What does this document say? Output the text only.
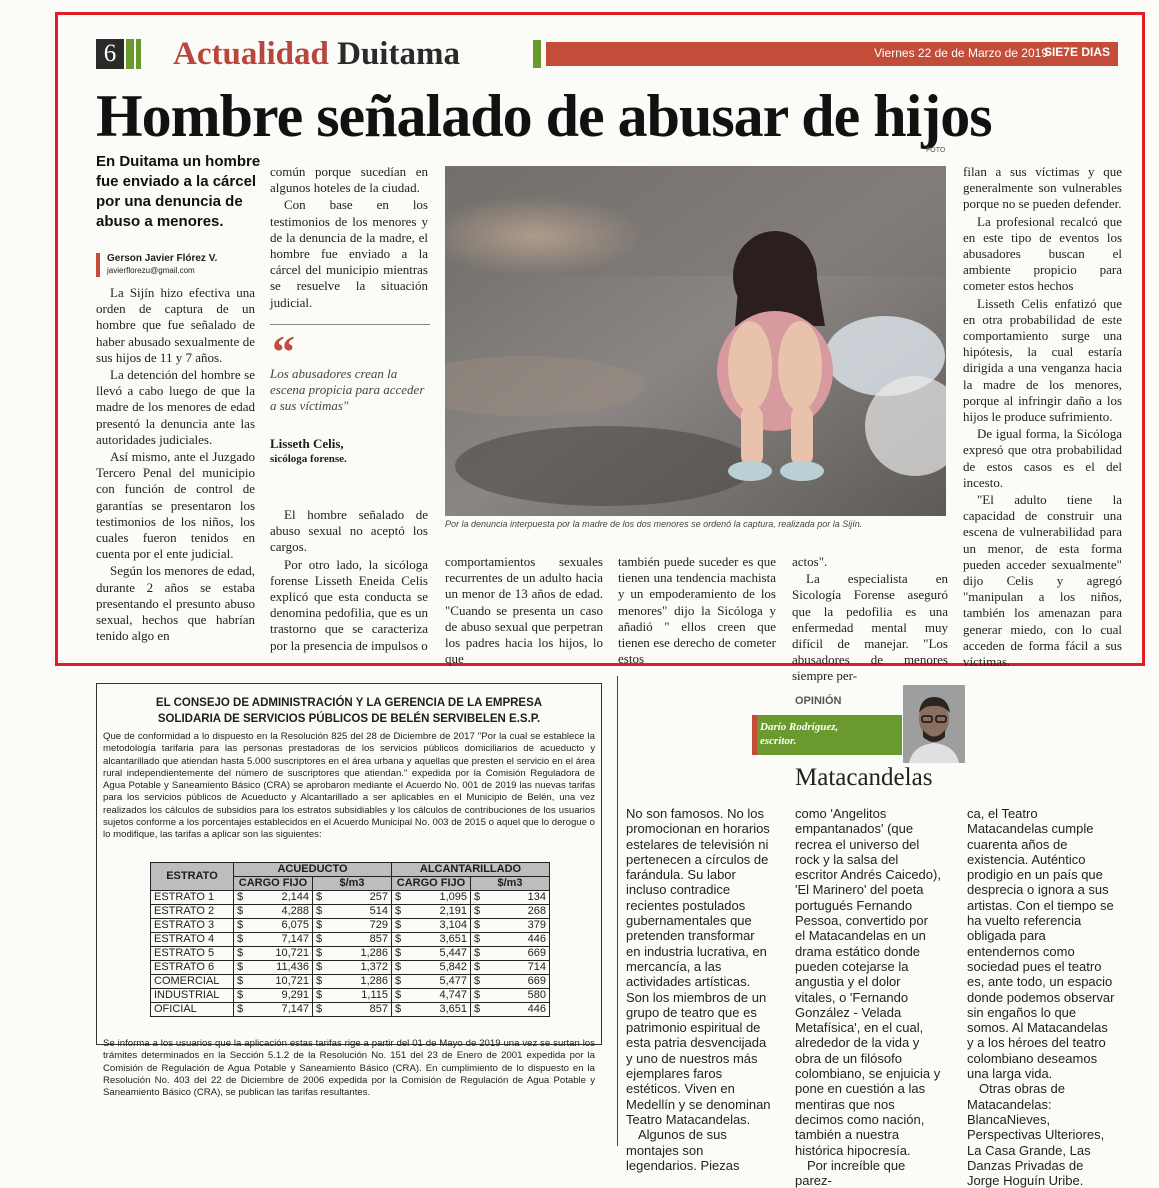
6 Actualidad Duitama	Viernes 22 de de Marzo de 2019
SIE7E DIAS
Hombre señalado de abusar de hijos
FOTO
En Duitama un hombre fue enviado a la cárcel por una denuncia de abuso a menores.
Gerson Javier Flórez V.
javierflorezu@gmail.com

La Sijín hizo efectiva una orden de captura de un hombre que fue señalado de haber abusado sexualmente de sus hijos de 11 y 7 años.

La detención del hombre se llevó a cabo luego de que la madre de los menores de edad presentó la denuncia ante las autoridades judiciales.

Así mismo, ante el Juzgado Tercero Penal del municipio con función de control de garantías se presentaron los testimonios de los niños, los cuales fueron tenidos en cuenta por el ente judicial.

Según los menores de edad, durante 2 años se estaba presentando el presunto abuso sexual, hechos que habrían tenido algo en

común porque sucedían en algunos hoteles de la ciudad.

Con base en los testimonios de los menores y de la denuncia de la madre, el hombre fue enviado a la cárcel del municipio mientras se resuelve la situación judicial.

“
Los abusadores crean la escena propicia para acceder a sus víctimas"
Lisseth Celis,
sicóloga forense.

El hombre señalado de abuso sexual no aceptó los cargos.

Por otro lado, la sicóloga forense Lisseth Eneida Celis explicó que esta conducta se denomina pedofilia, que es un trastorno que se caracteriza por la presencia de impulsos o

Por la denuncia interpuesta por la madre de los dos menores se ordenó la captura, realizada por la Sijín.

comportamientos sexuales recurrentes de un adulto hacia un menor de 13 años de edad. "Cuando se presenta un caso de abuso sexual que perpetran los padres hacia los hijos, lo que

también puede suceder es que tienen una tendencia machista y un empoderamiento de los menores" dijo la Sicóloga y añadió " ellos creen que tienen ese derecho de cometer estos

actos".

La especialista en Sicología Forense aseguró que la pedofilia es una enfermedad mental muy difícil de manejar. "Los abusadores de menores siempre per-

filan a sus víctimas y que generalmente son vulnerables porque no se pueden defender.

La profesional recalcó que en este tipo de eventos los abusadores buscan el ambiente propicio para cometer estos hechos

Lisseth Celis enfatizó que en otra probabilidad de este comportamiento surge una hipótesis, la cual estaría dirigida a una venganza hacia la madre de los menores, porque al infringir daño a los hijos le produce sufrimiento.

De igual forma, la Sicóloga expresó que otra probabilidad de estos casos es el del incesto.

"El adulto tiene la capacidad de construir una escena de vulnerabilidad para un menor, de esta forma pueden acceder sexualmente" dijo Celis y agregó "manipulan a los niños, también los amenazan para generar miedo, con lo cual acceden de forma fácil a sus víctimas.

EL CONSEJO DE ADMINISTRACIÓN Y LA GERENCIA DE LA EMPRESA
SOLIDARIA DE SERVICIOS PÚBLICOS DE BELÉN SERVIBELEN E.S.P.
Que de conformidad a lo dispuesto en la Resolución 825 del 28 de Diciembre de 2017 "Por la cual se establece la metodología tarifaria para las personas prestadoras de los servicios públicos domiciliarios de acueducto y alcantarillado que atiendan hasta 5.000 suscriptores en el área urbana y aquellas que presten el servicio en el área rural independientemente del número de suscriptores que atiendan." expedida por la Comisión Reguladora de Agua Potable y Saneamiento Básico (CRA) se aprobaron mediante el Acuerdo No. 001 de 2019 las nuevas tarifas para los servicios públicos de Acueducto y Alcantarillado a ser aplicables en el Municipio de Belén, una vez realizados los cálculos de subsidios para los estratos subsidiables y los cálculos de contribuciones de los usuarios sujetos conforme a los porcentajes establecidos en el Acuerdo Municipal No. 003 de 2015 o aquel que lo derogue o lo modifique, las tarifas a aplicar son las siguientes:
ESTRATO	ACUEDUCTO		ALCANTARILLADO	
	CARGO FIJO	$/m3	CARGO FIJO	$/m3
ESTRATO 1	$ 2,144	$ 257	$ 1,095	$ 134
ESTRATO 2	$ 4,288	$ 514	$ 2,191	$ 268
ESTRATO 3	$ 6,075	$ 729	$ 3,104	$ 379
ESTRATO 4	$ 7,147	$ 857	$ 3,651	$ 446
ESTRATO 5	$ 10,721	$ 1,286	$ 5,447	$ 669
ESTRATO 6	$ 11,436	$ 1,372	$ 5,842	$ 714
COMERCIAL	$ 10,721	$ 1,286	$ 5,477	$ 669
INDUSTRIAL	$ 9,291	$ 1,115	$ 4,747	$ 580
OFICIAL	$ 7,147	$ 857	$ 3,651	$ 446
Se informa a los usuarios que la aplicación estas tarifas rige a partir del 01 de Mayo de 2019 una vez se surtan los trámites determinados en la Sección 5.1.2 de la Resolución No. 151 del 23 de Enero de 2001 expedida por la Comisión de Regulación de Agua Potable y Saneamiento Básico (CRA). En cumplimiento de lo dispuesto en la Resolución No. 403 del 22 de Diciembre de 2006 expedida por la Comisión de Regulación de Agua Potable y Saneamiento Básico (CRA), se publican las tarifas resultantes.
OPINIÓN
Darío Rodríguez,
escritor.
Matacandelas

No son famosos. No los promocionan en horarios estelares de televisión ni pertenecen a círculos de farándula. Su labor incluso contradice recientes postulados gubernamentales que pretenden transformar en industria lucrativa, en mercancía, a las actividades artísticas. Son los miembros de un grupo de teatro que es patrimonio espiritual de esta patria desvencijada y uno de nuestros más ejemplares faros estéticos. Viven en Medellín y se denominan Teatro Matacandelas.

Algunos de sus montajes son legendarios. Piezas

como 'Angelitos empantanados' (que recrea el universo del rock y la salsa del escritor Andrés Caicedo), 'El Marinero' del poeta portugués Fernando Pessoa, convertido por el Matacandelas en un drama estático donde pueden cotejarse la angustia y el dolor vitales, o 'Fernando González - Velada Metafísica', en el cual, alrededor de la vida y obra de un filósofo colombiano, se enjuicia y pone en cuestión a las mentiras que nos decimos como nación, también a nuestra histórica hipocresía.

Por increíble que parez-

ca, el Teatro Matacandelas cumple cuarenta años de existencia. Auténtico prodigio en un país que desprecia o ignora a sus artistas. Con el tiempo se ha vuelto referencia obligada para entendernos como sociedad pues el teatro es, ante todo, un espacio donde podemos observar sin engaños lo que somos. Al Matacandelas y a los héroes del teatro colombiano deseamos una larga vida.

Otras obras de Matacandelas: BlancaNieves, Perspectivas Ulteriores, La Casa Grande, Las Danzas Privadas de Jorge Hoguín Uribe.
